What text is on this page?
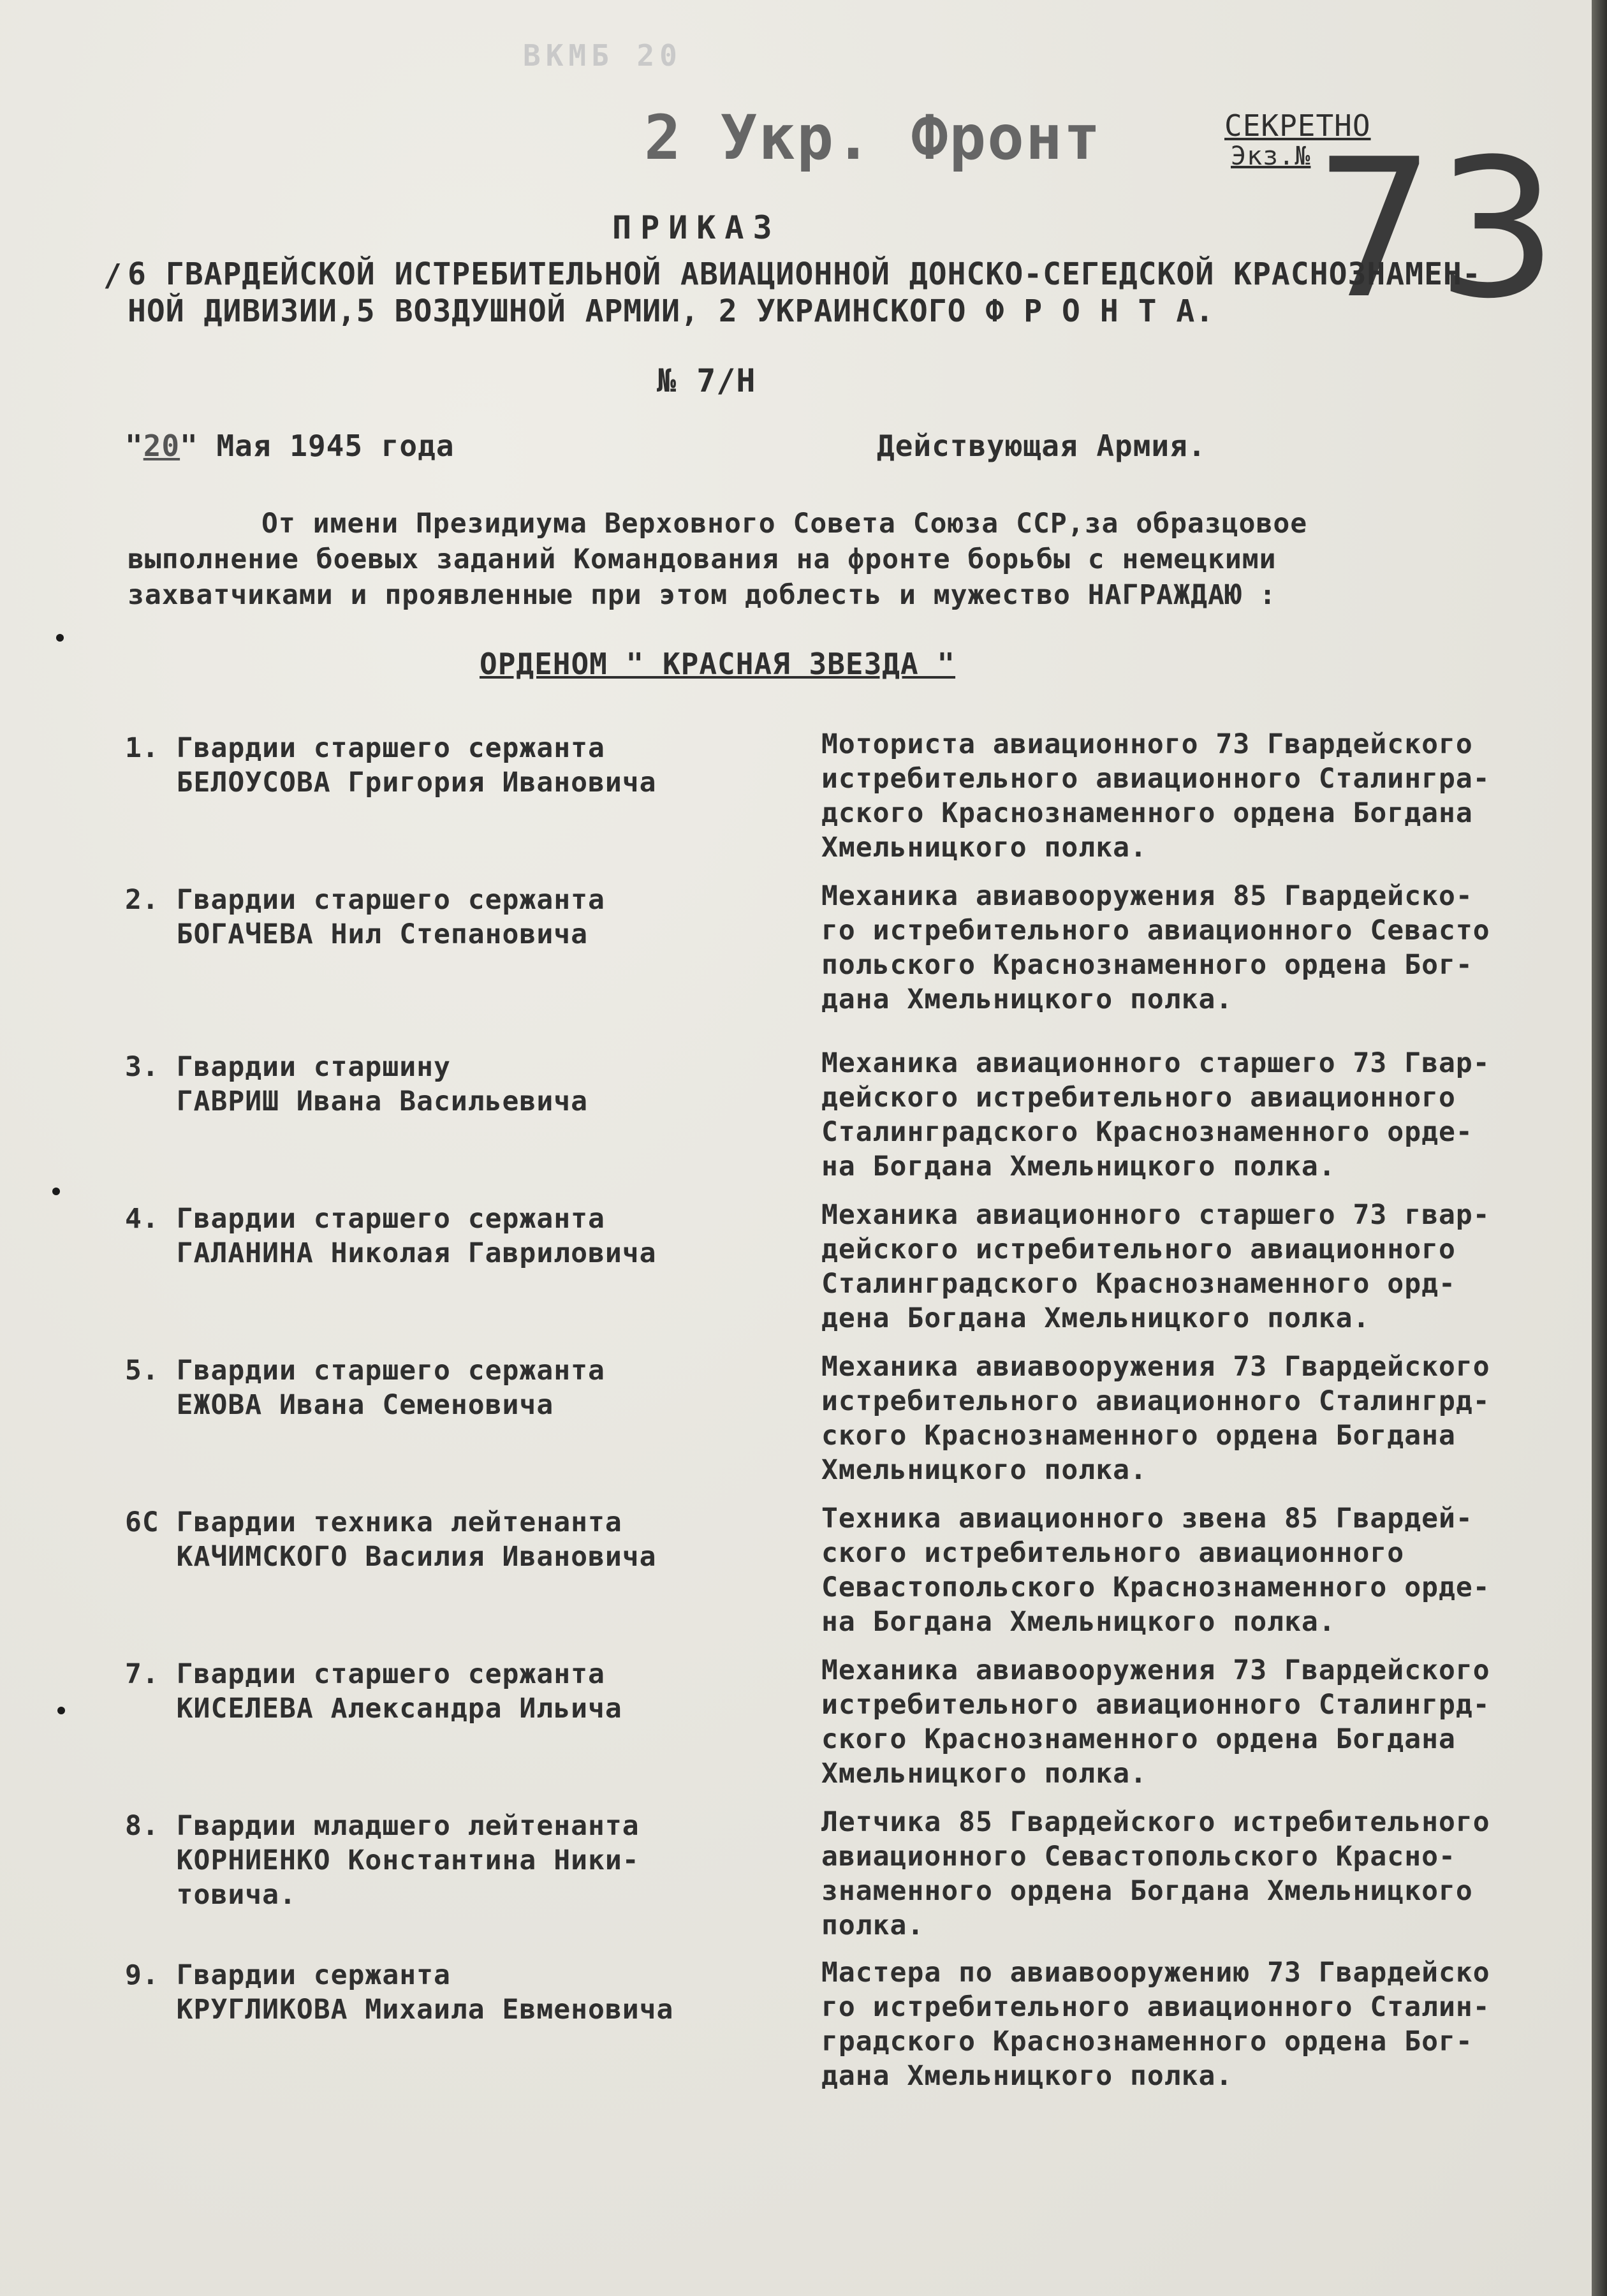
ВКМБ 20
2 Укр. Фронт	СЕКРЕТНО
Экз.№ 73
ПРИКАЗ
/ 6 ГВАРДЕЙСКОЙ ИСТРЕБИТЕЛЬНОЙ АВИАЦИОННОЙ ДОНСКО-СЕГЕДСКОЙ КРАСНОЗНАМЕН-
НОЙ ДИВИЗИИ,5 ВОЗДУШНОЙ АРМИИ, 2 УКРАИНСКОГО Ф Р О Н Т А.
№ 7/Н
"20" Мая 1945 года	Действующая Армия.
От имени Президиума Верховного Совета Союза ССР,за образцовое
выполнение боевых заданий Командования на фронте борьбы с немецкими
захватчиками и проявленные при этом доблесть и мужество НАГРАЖДАЮ :
ОРДЕНОМ " КРАСНАЯ ЗВЕЗДА "
1. Гвардии старшего сержанта
БЕЛОУСОВА Григория Ивановича
Моториста авиационного 73 Гвардейского
истребительного авиационного Сталингра-
дского Краснознаменного ордена Богдана
Хмельницкого полка.
2. Гвардии старшего сержанта
БОГАЧЕВА Нил Степановича
Механика авиавооружения 85 Гвардейско-
го истребительного авиационного Севасто
польского Краснознаменного ордена Бог-
дана Хмельницкого полка.
3. Гвардии старшину
ГАВРИШ Ивана Васильевича
Механика авиационного старшего 73 Гвар-
дейского истребительного авиационного
Сталинградского Краснознаменного орде-
на Богдана Хмельницкого полка.
4. Гвардии старшего сержанта
ГАЛАНИНА Николая Гавриловича
Механика авиационного старшего 73 гвар-
дейского истребительного авиационного
Сталинградского Краснознаменного орд-
дена Богдана Хмельницкого полка.
5. Гвардии старшего сержанта
ЕЖОВА Ивана Семеновича
Механика авиавооружения 73 Гвардейского
истребительного авиационного Сталингрд-
ского Краснознаменного ордена Богдана
Хмельницкого полка.
6С Гвардии техника лейтенанта
КАЧИМСКОГО Василия Ивановича
Техника авиационного звена 85 Гвардей-
ского истребительного авиационного
Севастопольского Краснознаменного орде-
на Богдана Хмельницкого полка.
7. Гвардии старшего сержанта
КИСЕЛЕВА Александра Ильича
Механика авиавооружения 73 Гвардейского
истребительного авиационного Сталингрд-
ского Краснознаменного ордена Богдана
Хмельницкого полка.
8. Гвардии младшего лейтенанта
КОРНИЕНКО Константина Ники-
товича.
Летчика 85 Гвардейского истребительного
авиационного Севастопольского Красно-
знаменного ордена Богдана Хмельницкого
полка.
9. Гвардии сержанта
КРУГЛИКОВА Михаила Евменовича
Мастера по авиавооружению 73 Гвардейско
го истребительного авиационного Сталин-
градского Краснознаменного ордена Бог-
дана Хмельницкого полка.
